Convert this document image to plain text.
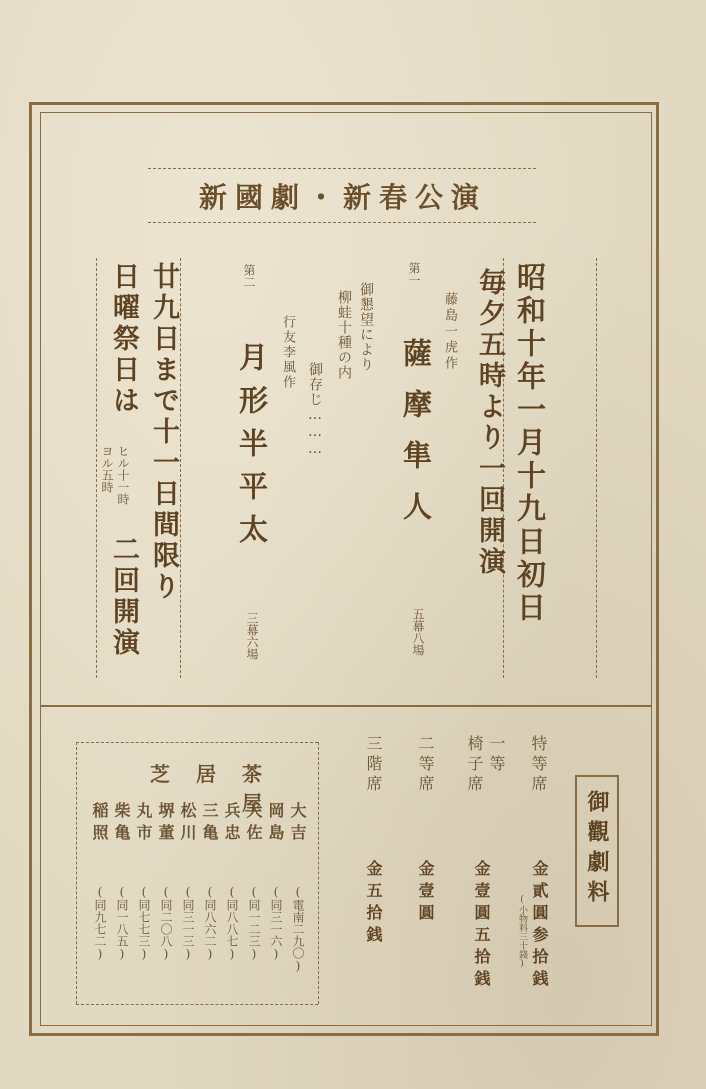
新國劇・新春公演
昭和十年一月十九日初日
毎夕五時より一回開演
第一
藤島一虎作
薩摩隼人
五幕八場
御懇望により
柳蛙十種の内
御存じ………
行友李風作
第二
月形半平太
三幕六場
廿九日まで十一日間限り
日曜祭日は
ヨル五時 ヒル十一時
二回開演
御觀劇料
特等席
金貳圓参拾銭
(小物料三十錢)
一等
椅子席
金壹圓五拾銭
二等席
金壹圓
三階席
金五拾銭
芝居茶屋 大吉
岡島
大佐
兵忠
三亀
松川
堺董
丸市
柴亀
稲照
(電南二九〇)
(同三一六)
(同一二三)
(同八八七)
(同八六二)
(同三一三)
(同二〇八)
(同七七三)
(同一八五)
(同九七二)
